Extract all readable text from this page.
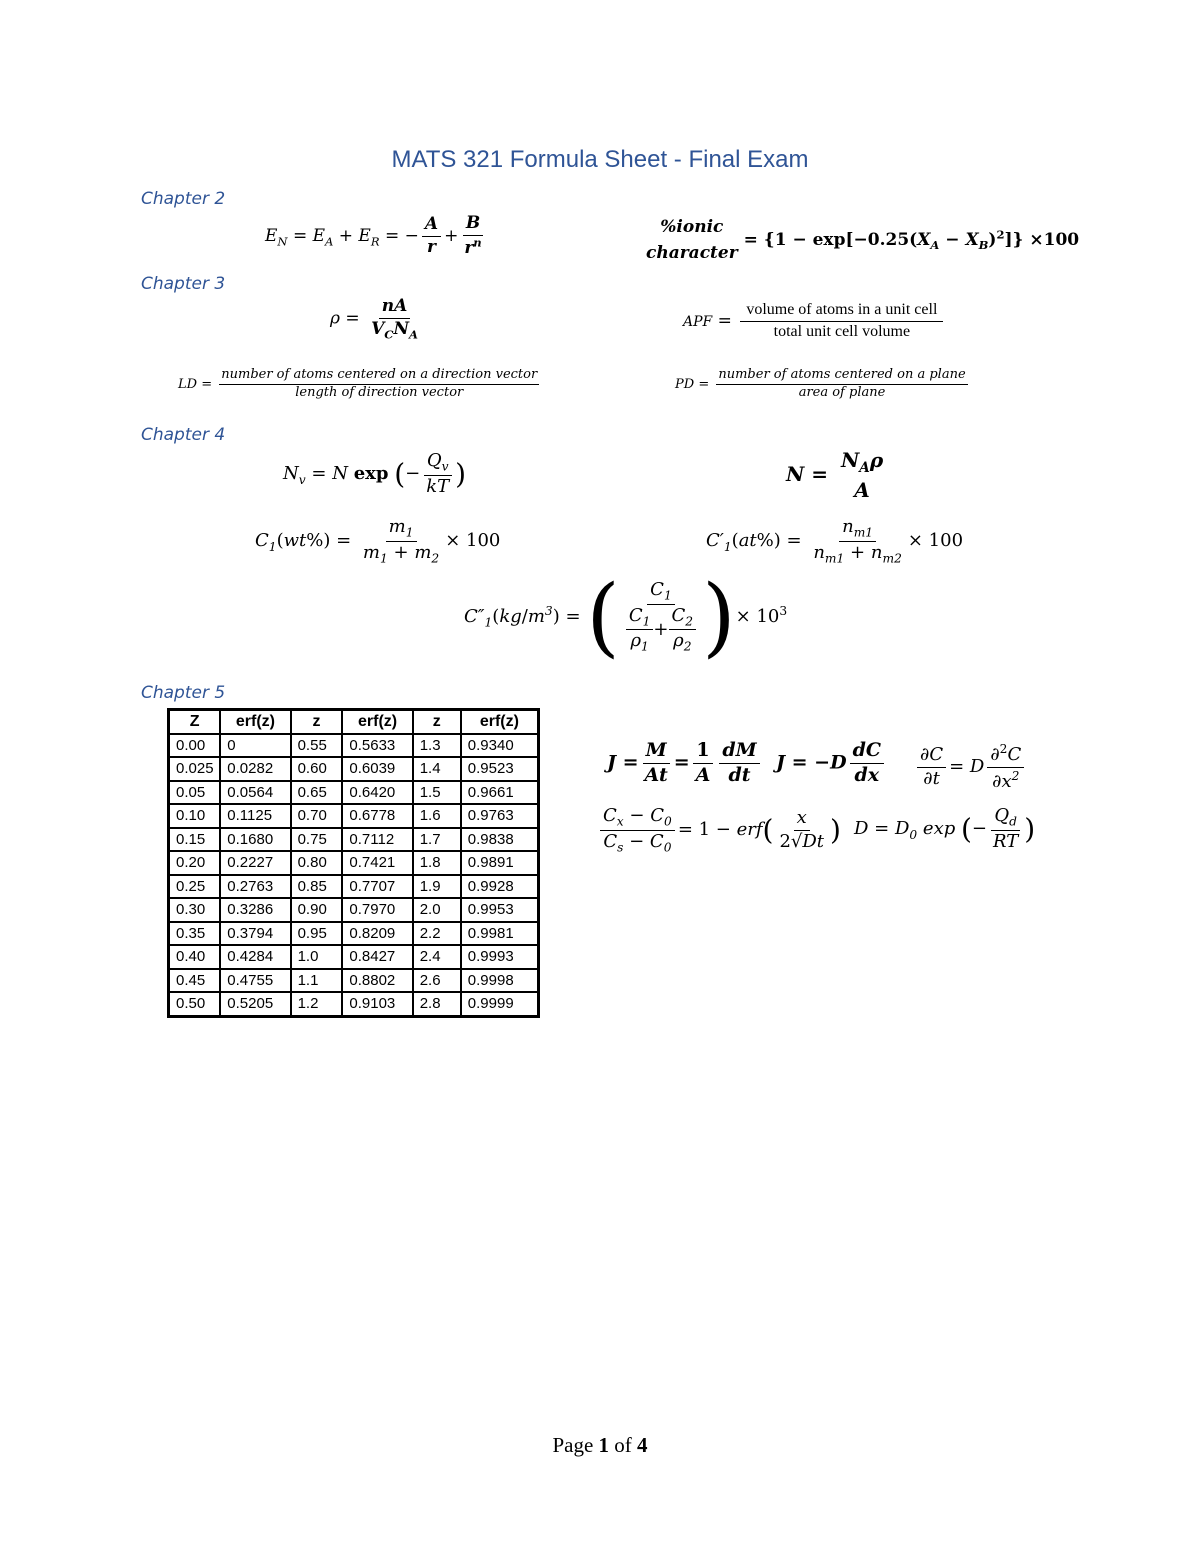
MATS 321 Formula Sheet - Final Exam
Chapter 2
$E_N = E_A + E_R$ = − $\frac{A}{r} + \frac{B}{r^n}$	%ionic
character
= $\{1 - \exp[-0.25(X_A - X_B)^2]\} \times 100$
Chapter 3
$\rho = \frac{nA}{V_CN_A}$	APF = $\frac{\text{volume of atoms in a unit cell}}{\text{total unit cell volume}}$
LD = $\frac{\text{number of atoms centered on a direction vector}}{\text{length of direction vector}}$	PD = $\frac{\text{number of atoms centered on a plane}}{\text{area of plane}}$
Chapter 4
$N_v = N$ exp (− $\frac{Q_v}{kT}$ )	N =
$N_A\rho$
A
$C_1(wt\%) = \frac{m_1}{m_1 + m_2} \times 100$	$C'_1(at\%) = \frac{n_{m1}}{n_{m1} + n_{m2}} \times 100$
$C''_1(kg/m^3)$ = ( $\frac{C_1}{\frac{C_1}{\rho_1} + \frac{C_2}{\rho_2}}$ )× $10^3$
Chapter 5
Z	erf(z)	z	erf(z)	z	erf(z)
0.00	0	0.55	0.5633	1.3	0.9340
0.025	0.0282	0.60	0.6039	1.4	0.9523
0.05	0.0564	0.65	0.6420	1.5	0.9661
0.10	0.1125	0.70	0.6778	1.6	0.9763
0.15	0.1680	0.75	0.7112	1.7	0.9838
0.20	0.2227	0.80	0.7421	1.8	0.9891
0.25	0.2763	0.85	0.7707	1.9	0.9928
0.30	0.3286	0.90	0.7970	2.0	0.9953
0.35	0.3794	0.95	0.8209	2.2	0.9981
0.40	0.4284	1.0	0.8427	2.4	0.9993
0.45	0.4755	1.1	0.8802	2.6	0.9998
0.50	0.5205	1.2	0.9103	2.8	0.9999
$J = \frac{M}{At} = \frac{1}{A} \frac{dM}{dt}$ $J = -D \frac{dC}{dx} \frac{\partial C}{\partial t} = D \frac{\partial^2C}{\partial x^2}$
$\frac{C_x - C_0}{C_s - C_0} = 1 - erf( \frac{x}{2√Dt}$ ) $D = D_0$ exp (− $\frac{Q_d}{RT}$ )
Page 1 of 4
